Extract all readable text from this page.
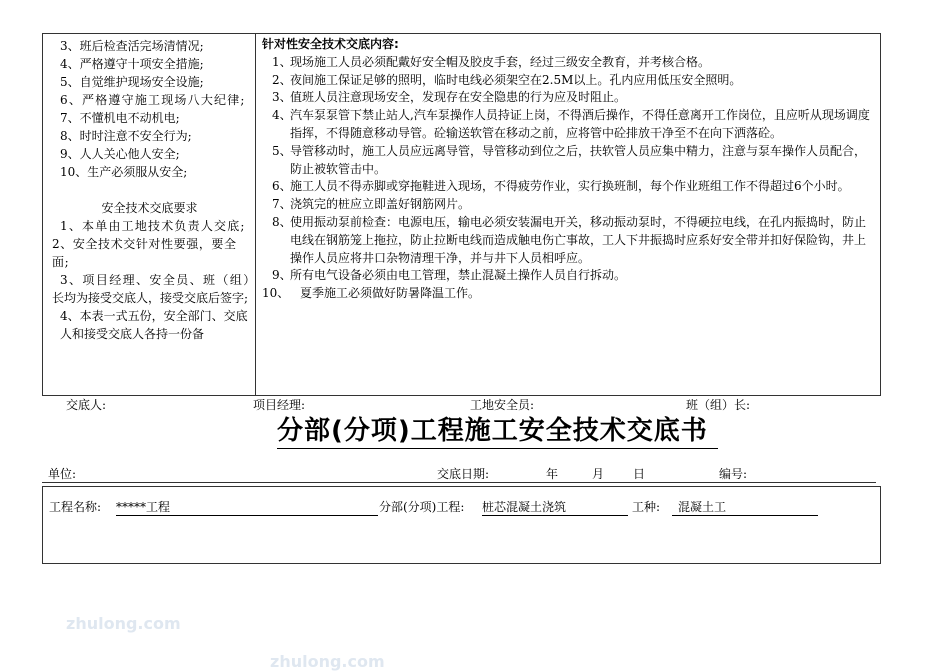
3、班后检查活完场清情况;

4、严格遵守十项安全措施;

5、自觉维护现场安全设施;

6、严格遵守施工现场八大纪律;

7、不懂机电不动机电;

8、时时注意不安全行为;

9、人人关心他人安全;

10、生产必须服从安全;

安全技术交底要求

1、本单由工地技术负责人交底;

2、安全技术交针对性要强，要全面;

3、项目经理、安全员、班（组）

长均为接受交底人，接受交底后签字;

4、本表一式五份，安全部门、交底人和接受交底人各持一份备

针对性安全技术交底内容:

1、
现场施工人员必须配戴好安全帽及胶皮手套，经过三级安全教育，并考核合格。
2、
夜间施工保证足够的照明，临时电线必须架空在2.5M以上。孔内应用低压安全照明。
3、
值班人员注意现场安全，发现存在安全隐患的行为应及时阻止。
4、
汽车泵泵管下禁止站人,汽车泵操作人员持证上岗，不得酒后操作，不得任意离开工作岗位，且应听从现场调度指挥，不得随意移动导管。砼输送软管在移动之前，应将管中砼排放干净至不在向下洒落砼。
5、
导管移动时，施工人员应远离导管，导管移动到位之后，扶软管人员应集中精力，注意与泵车操作人员配合，防止被软管击中。
6、
施工人员不得赤脚或穿拖鞋进入现场，不得疲劳作业，实行换班制，每个作业班组工作不得超过6个小时。
7、
浇筑完的桩应立即盖好钢筋网片。
8、
使用振动泵前检查：电源电压，输电必须安装漏电开关，移动振动泵时，不得硬拉电线，在孔内振捣时，防止电线在钢筋笼上拖拉，防止拉断电线而造成触电伤亡事故，工人下井振捣时应系好安全带并扣好保险钩，井上操作人员应将井口杂物清理干净，并与井下人员相呼应。
9、
所有电气设备必须由电工管理，禁止混凝土操作人员自行拆动。
10、 夏季施工必须做好防暑降温工作。
交底人:	项目经理:	工地安全员:	班（组）长:
分部(分项)工程施工安全技术交底书
单位:	交底日期:	年	月 日	编号:
工程名称: *****工程	分部(分项)工程: 桩芯混凝土浇筑	工种:	混凝土工
zhulong.com
zhulong.com
